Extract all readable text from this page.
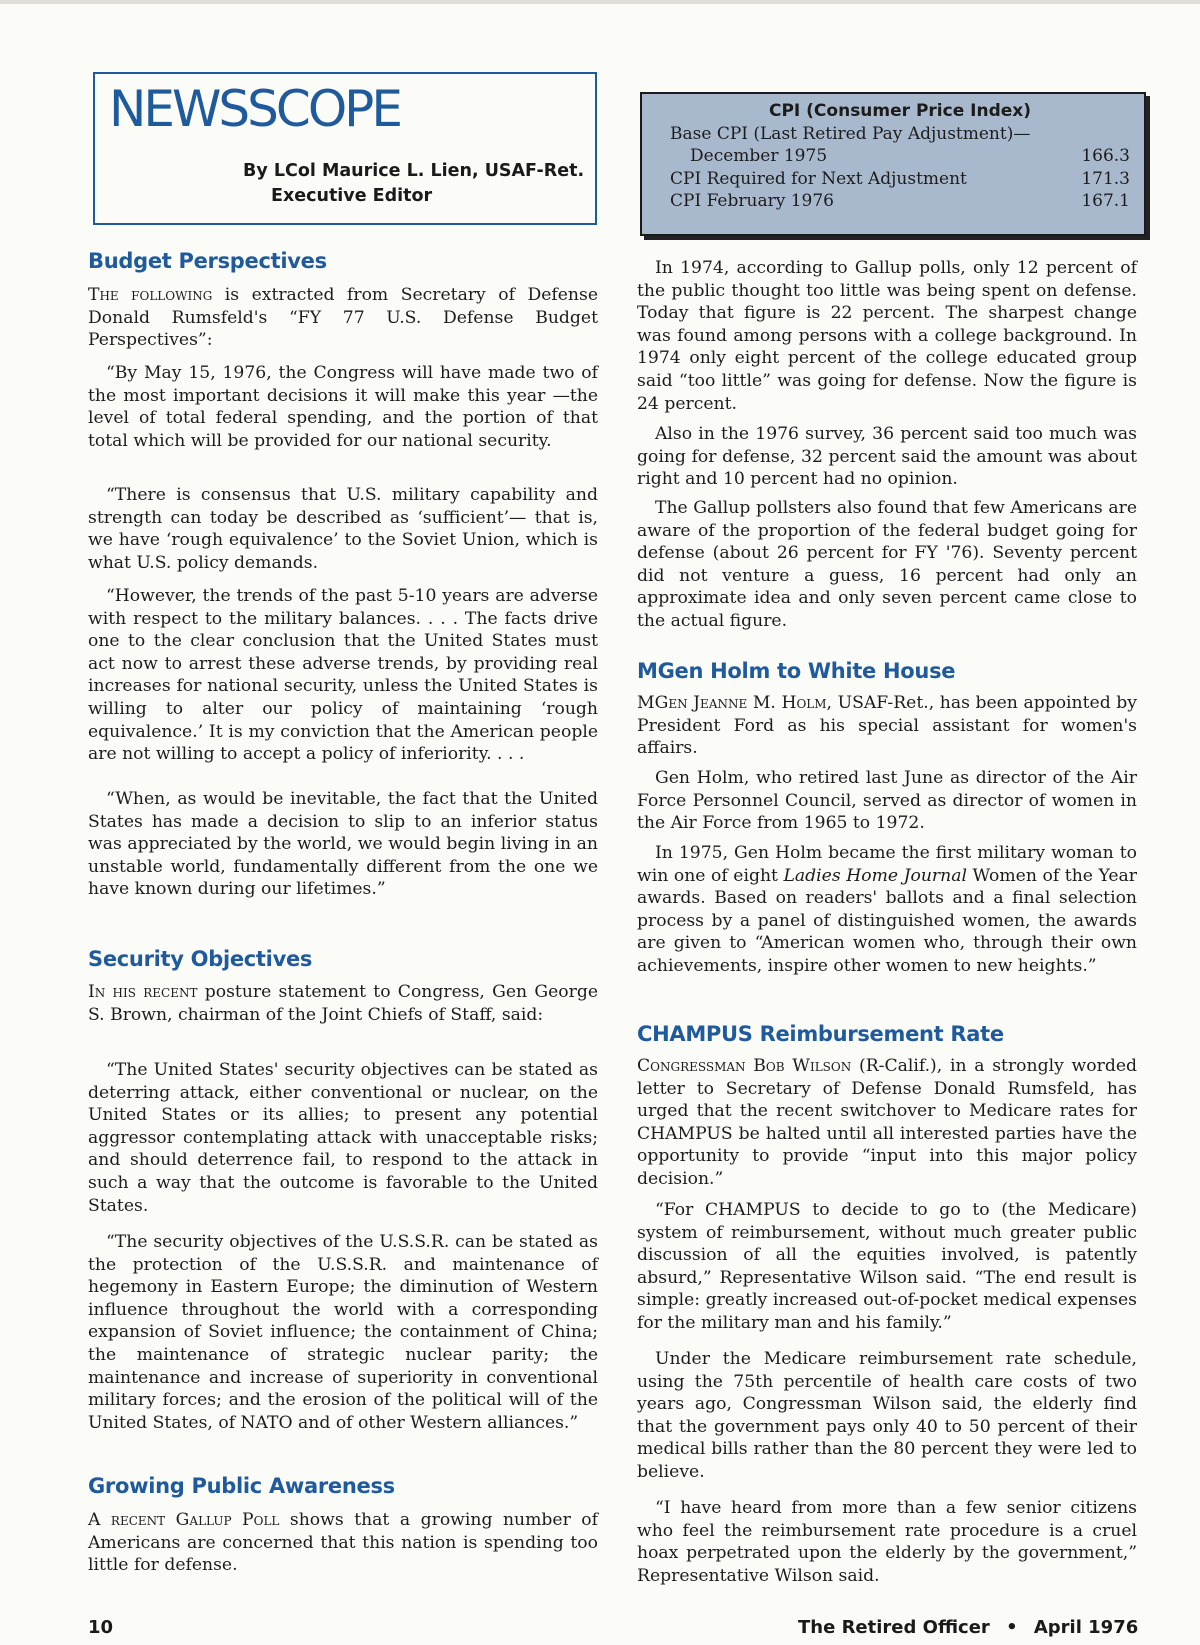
NEWSSCOPE
By LCol Maurice L. Lien, USAF-Ret.
Executive Editor
CPI (Consumer Price Index)
Base CPI (Last Retired Pay Adjustment)—
December 1975	166.3
CPI Required for Next Adjustment	171.3
CPI February 1976	167.1
Budget Perspectives

The following is extracted from Secretary of Defense Donald Rumsfeld's “FY 77 U.S. Defense Budget Perspectives”:

“By May 15, 1976, the Congress will have made two of the most important decisions it will make this year —the level of total federal spending, and the portion of that total which will be provided for our national security.

“There is consensus that U.S. military capability and strength can today be described as ‘sufficient’— that is, we have ‘rough equivalence’ to the Soviet Union, which is what U.S. policy demands.

“However, the trends of the past 5-10 years are adverse with respect to the military balances. . . . The facts drive one to the clear conclusion that the United States must act now to arrest these adverse trends, by providing real increases for national security, unless the United States is willing to alter our policy of maintaining ‘rough equivalence.’ It is my conviction that the American people are not willing to accept a policy of inferiority. . . .

“When, as would be inevitable, the fact that the United States has made a decision to slip to an inferior status was appreciated by the world, we would begin living in an unstable world, fundamentally different from the one we have known during our lifetimes.”

Security Objectives

In his recent posture statement to Congress, Gen George S. Brown, chairman of the Joint Chiefs of Staff, said:

“The United States' security objectives can be stated as deterring attack, either conventional or nuclear, on the United States or its allies; to present any potential aggressor contemplating attack with unacceptable risks; and should deterrence fail, to respond to the attack in such a way that the outcome is favorable to the United States.

“The security objectives of the U.S.S.R. can be stated as the protection of the U.S.S.R. and maintenance of hegemony in Eastern Europe; the diminution of Western influence throughout the world with a corresponding expansion of Soviet influence; the containment of China; the maintenance of strategic nuclear parity; the maintenance and increase of superiority in conventional military forces; and the erosion of the political will of the United States, of NATO and of other Western alliances.”

Growing Public Awareness

A recent Gallup Poll shows that a growing number of Americans are concerned that this nation is spending too little for defense.

In 1974, according to Gallup polls, only 12 percent of the public thought too little was being spent on defense. Today that figure is 22 percent. The sharpest change was found among persons with a college background. In 1974 only eight percent of the college educated group said “too little” was going for defense. Now the figure is 24 percent.

Also in the 1976 survey, 36 percent said too much was going for defense, 32 percent said the amount was about right and 10 percent had no opinion.

The Gallup pollsters also found that few Americans are aware of the proportion of the federal budget going for defense (about 26 percent for FY '76). Seventy percent did not venture a guess, 16 percent had only an approximate idea and only seven percent came close to the actual figure.

MGen Holm to White House

MGen Jeanne M. Holm, USAF-Ret., has been appointed by President Ford as his special assistant for women's affairs.

Gen Holm, who retired last June as director of the Air Force Personnel Council, served as director of women in the Air Force from 1965 to 1972.

In 1975, Gen Holm became the first military woman to win one of eight Ladies Home Journal Women of the Year awards. Based on readers' ballots and a final selection process by a panel of distinguished women, the awards are given to “American women who, through their own achievements, inspire other women to new heights.”

CHAMPUS Reimbursement Rate

Congressman Bob Wilson (R-Calif.), in a strongly worded letter to Secretary of Defense Donald Rumsfeld, has urged that the recent switchover to Medicare rates for CHAMPUS be halted until all interested parties have the opportunity to provide “input into this major policy decision.”

“For CHAMPUS to decide to go to (the Medicare) system of reimbursement, without much greater public discussion of all the equities involved, is patently absurd,” Representative Wilson said. “The end result is simple: greatly increased out-of-pocket medical expenses for the military man and his family.”

Under the Medicare reimbursement rate schedule, using the 75th percentile of health care costs of two years ago, Congressman Wilson said, the elderly find that the government pays only 40 to 50 percent of their medical bills rather than the 80 percent they were led to believe.

“I have heard from more than a few senior citizens who feel the reimbursement rate procedure is a cruel hoax perpetrated upon the elderly by the government,” Representative Wilson said.

10	The Retired Officer • April 1976
